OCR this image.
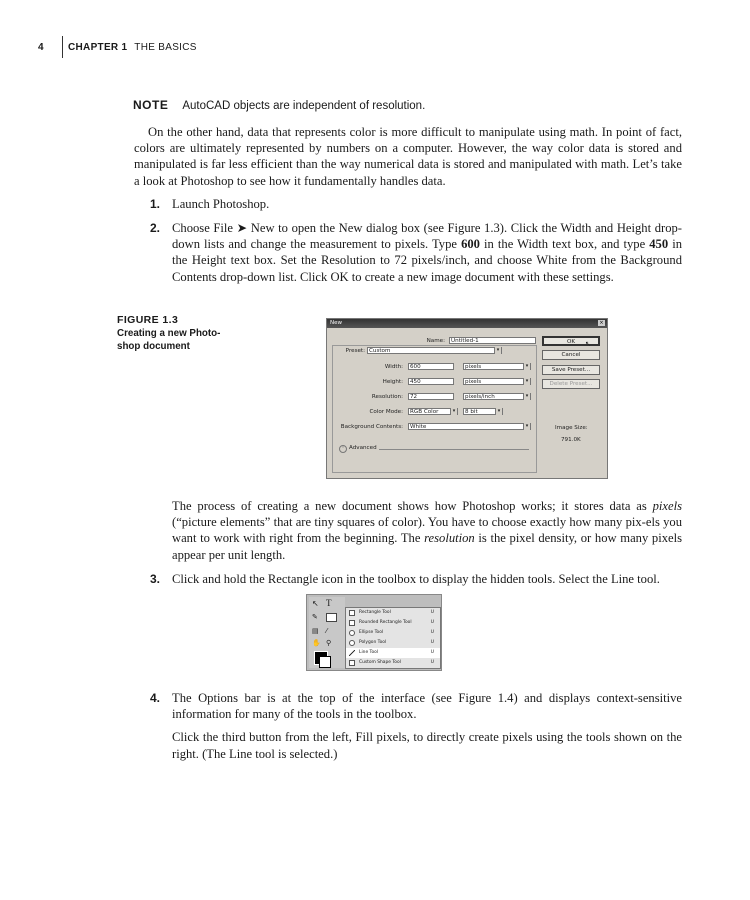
4 CHAPTER 1 THE BASICS
NOTE AutoCAD objects are independent of resolution.
On the other hand, data that represents color is more difficult to manipulate using math. In point of fact, colors are ultimately represented by numbers on a computer. However, the way color data is stored and manipulated is far less efficient than the way numerical data is stored and manipulated with math. Let’s take a look at Photoshop to see how it fundamentally handles data.
1. Launch Photoshop.
2. Choose File ➤ New to open the New dialog box (see Figure 1.3). Click the Width and Height drop-down lists and change the measurement to pixels. Type 600 in the Width text box, and type 450 in the Height text box. Set the Resolution to 72 pixels/inch, and choose White from the Background Contents drop-down list. Click OK to create a new image document with these settings.
FIGURE 1.3
Creating a new Photo-shop document
New	×
Name:	Untitled-1
Preset: Custom ▾
Width:	600	pixels ▾
Height:	450	pixels ▾
Resolution:	72	pixels/inch ▾
Color Mode:	RGB Color ▾	8 bit ▾
Background Contents:	White ▾
˅ Advanced
OK	↖
Cancel
Save Preset...
Delete Preset...
Image Size:
791.0K
The process of creating a new document shows how Photoshop works; it stores data as pixels (“picture elements” that are tiny squares of color). You have to choose exactly how many pix-els you want to work with right from the beginning. The resolution is the pixel density, or how many pixels appear per unit length.
3. Click and hold the Rectangle icon in the toolbox to display the hidden tools. Select the Line tool.
↖ T
✎
▤ ⁄
✋ ⚲
Rectangle Tool	U
Rounded Rectangle Tool	U
Ellipse Tool	U
Polygon Tool	U
Line Tool	U
Custom Shape Tool	U
4. The Options bar is at the top of the interface (see Figure 1.4) and displays context-sensitive information for many of the tools in the toolbox.
Click the third button from the left, Fill pixels, to directly create pixels using the tools shown on the right. (The Line tool is selected.)
